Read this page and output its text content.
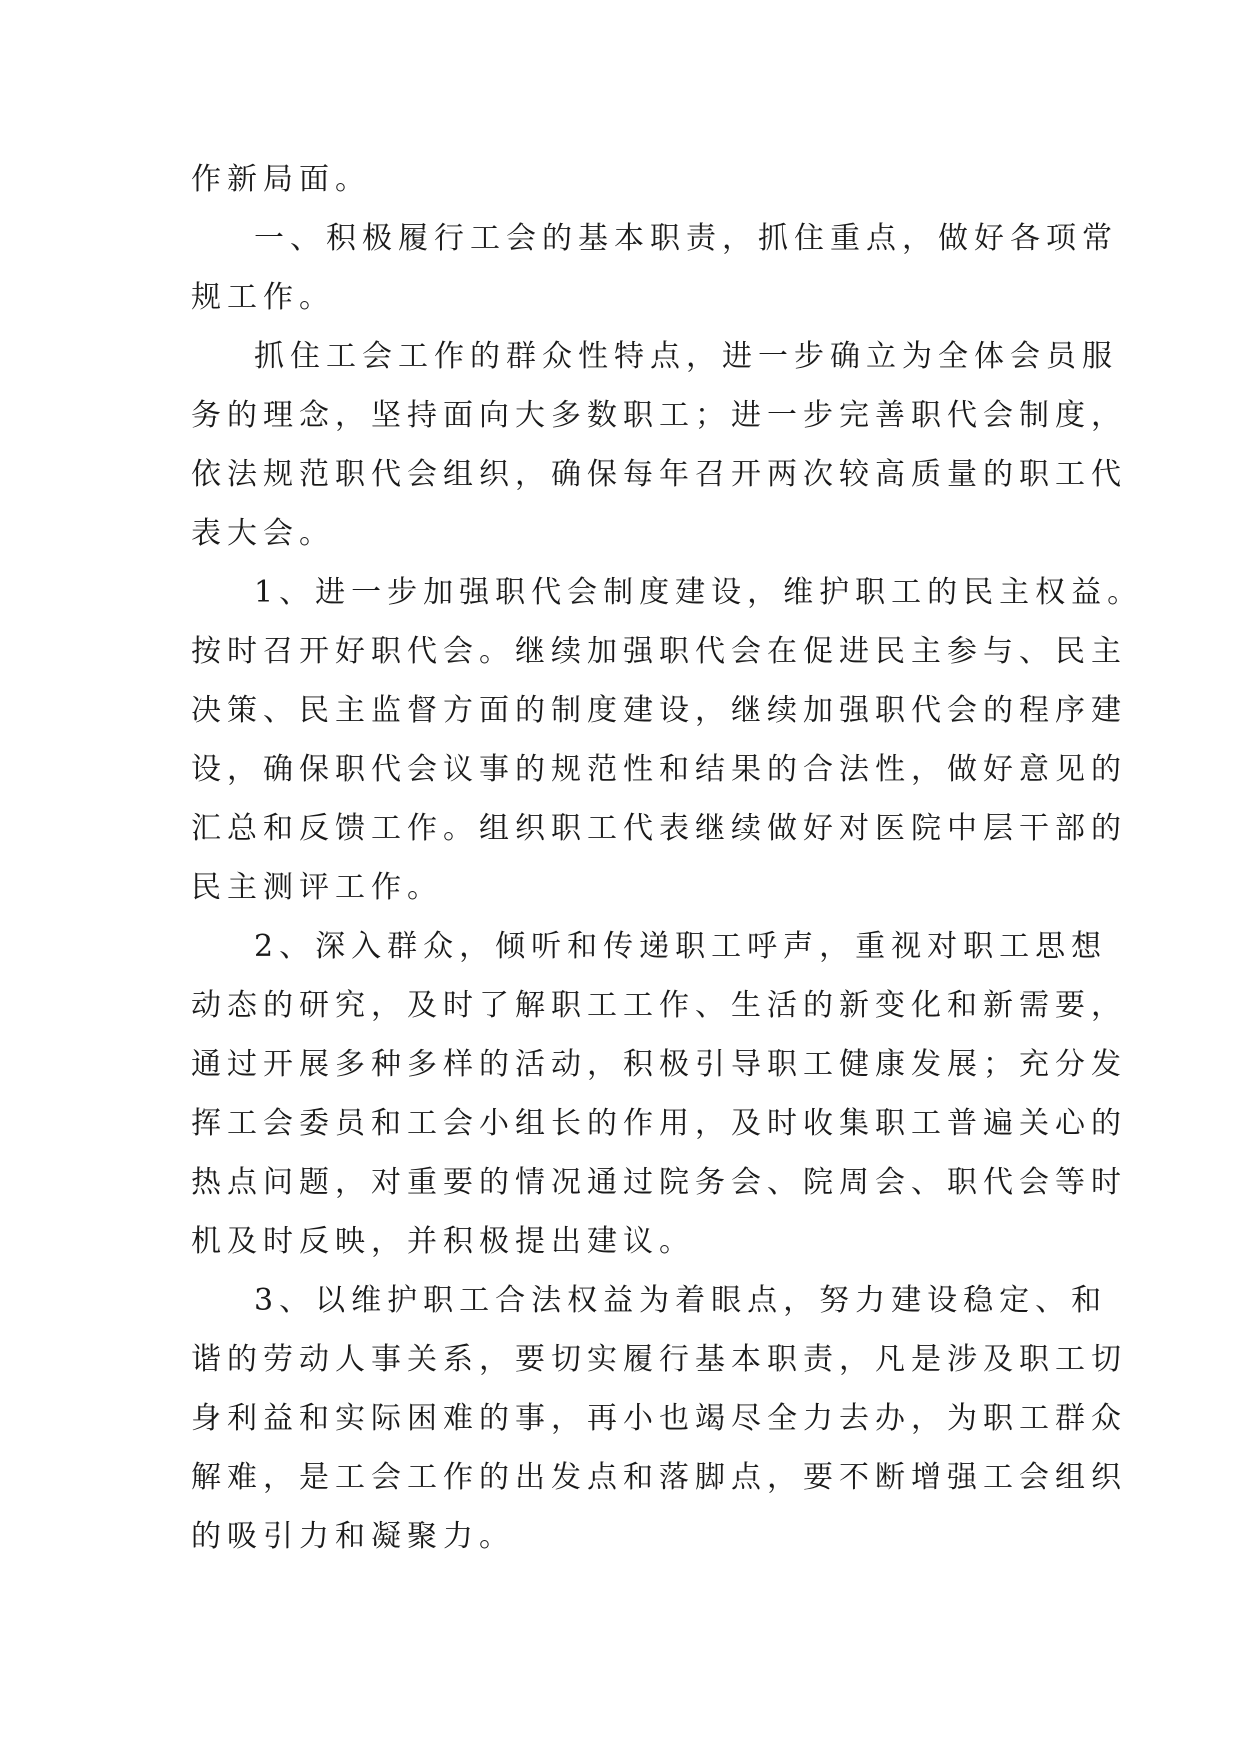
作新局面。
一、积极履行工会的基本职责，抓住重点，做好各项常
规工作。
抓住工会工作的群众性特点，进一步确立为全体会员服
务的理念，坚持面向大多数职工；进一步完善职代会制度，
依法规范职代会组织，确保每年召开两次较高质量的职工代
表大会。
1、进一步加强职代会制度建设，维护职工的民主权益。
按时召开好职代会。继续加强职代会在促进民主参与、民主
决策、民主监督方面的制度建设，继续加强职代会的程序建
设，确保职代会议事的规范性和结果的合法性，做好意见的
汇总和反馈工作。组织职工代表继续做好对医院中层干部的
民主测评工作。
2、深入群众，倾听和传递职工呼声，重视对职工思想
动态的研究，及时了解职工工作、生活的新变化和新需要，
通过开展多种多样的活动，积极引导职工健康发展；充分发
挥工会委员和工会小组长的作用，及时收集职工普遍关心的
热点问题，对重要的情况通过院务会、院周会、职代会等时
机及时反映，并积极提出建议。
3、以维护职工合法权益为着眼点，努力建设稳定、和
谐的劳动人事关系，要切实履行基本职责，凡是涉及职工切
身利益和实际困难的事，再小也竭尽全力去办，为职工群众
解难，是工会工作的出发点和落脚点，要不断增强工会组织
的吸引力和凝聚力。
